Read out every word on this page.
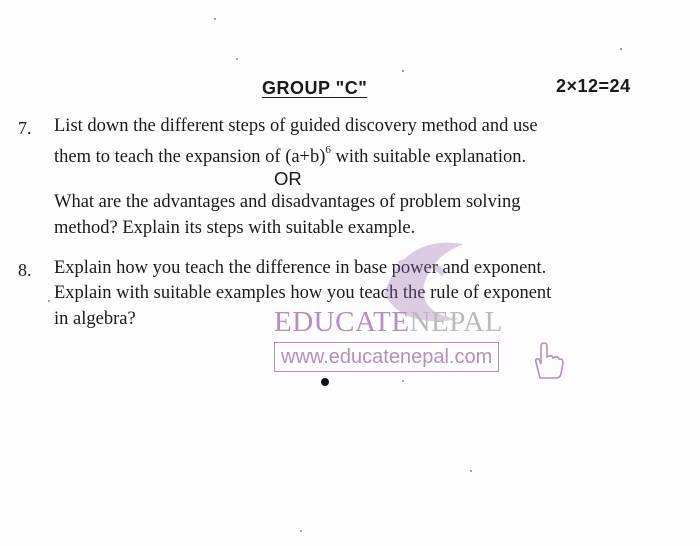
GROUP "C"	2×12=24
7. List down the different steps of guided discovery method and use
them to teach the expansion of $(a+b)^6$ with suitable explanation.
OR
What are the advantages and disadvantages of problem solving
method? Explain its steps with suitable example.
8. Explain how you teach the difference in base power and exponent.
Explain with suitable examples how you teach the rule of exponent
in algebra?	EDUCATENEPAL
www.educatenepal.com
